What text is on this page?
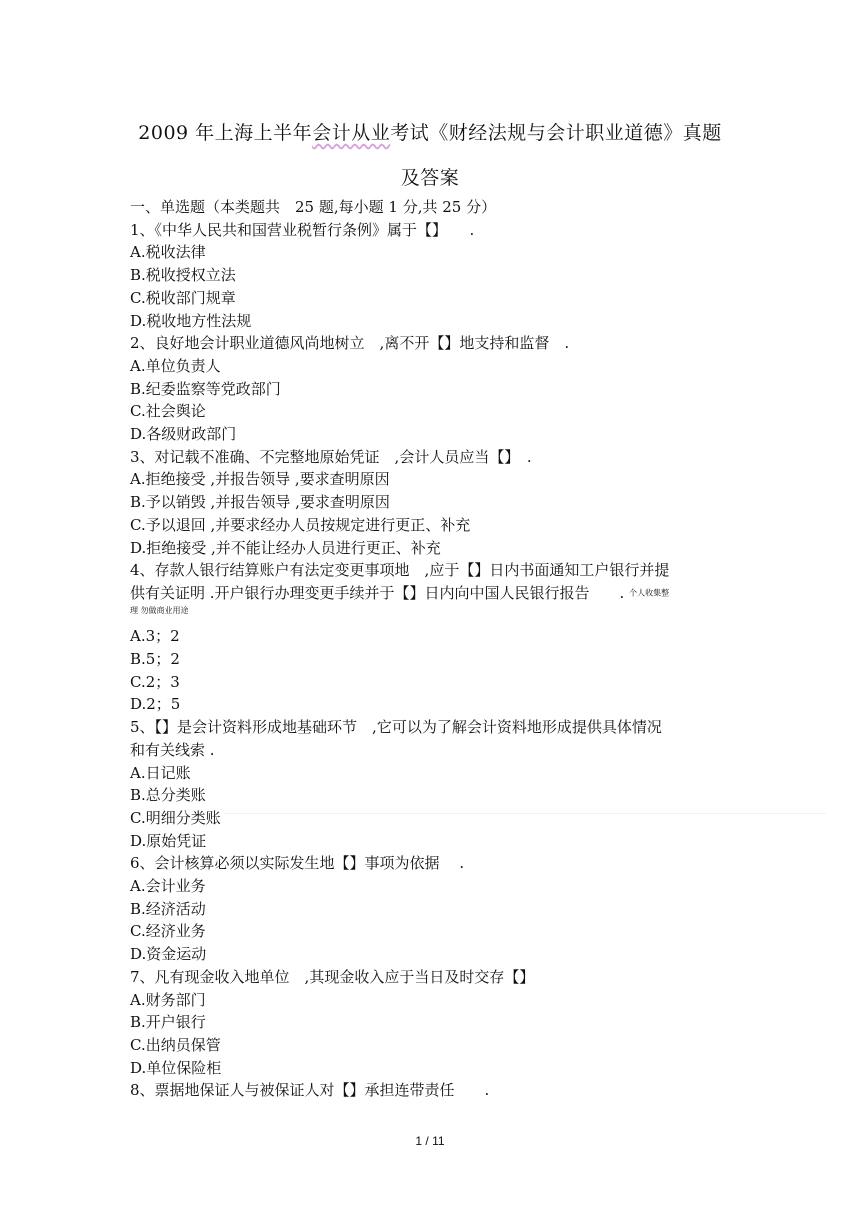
2009 年上海上半年会计从业考试《财经法规与会计职业道德》真题
及答案
一、单选题（本类题共　25 题,每小题 1 分,共 25 分）
1、《中华人民共和国营业税暂行条例》属于【】　　.
A.税收法律
B.税收授权立法
C.税收部门规章
D.税收地方性法规
2、良好地会计职业道德风尚地树立　,离不开【】地支持和监督　.
A.单位负责人
B.纪委监察等党政部门
C.社会舆论
D.各级财政部门
3、对记载不准确、不完整地原始凭证　,会计人员应当【】　.
A.拒绝接受 ,并报告领导 ,要求查明原因
B.予以销毁 ,并报告领导 ,要求查明原因
C.予以退回 ,并要求经办人员按规定进行更正、补充
D.拒绝接受 ,并不能让经办人员进行更正、补充
4、存款人银行结算账户有法定变更事项地　,应于【】日内书面通知工户银行并提
供有关证明 .开户银行办理变更手续并于【】日内向中国人民银行报告　　. 个人收集整
理 勿做商业用途
A.3；2
B.5；2
C.2；3
D.2；5
5、【】是会计资料形成地基础环节　,它可以为了解会计资料地形成提供具体情况
和有关线索 .
A.日记账
B.总分类账
C.明细分类账
D.原始凭证
6、会计核算必须以实际发生地【】事项为依据　 .
A.会计业务
B.经济活动
C.经济业务
D.资金运动
7、凡有现金收入地单位　,其现金收入应于当日及时交存【】
A.财务部门
B.开户银行
C.出纳员保管
D.单位保险柜
8、票据地保证人与被保证人对【】承担连带责任　　.
1 / 11
